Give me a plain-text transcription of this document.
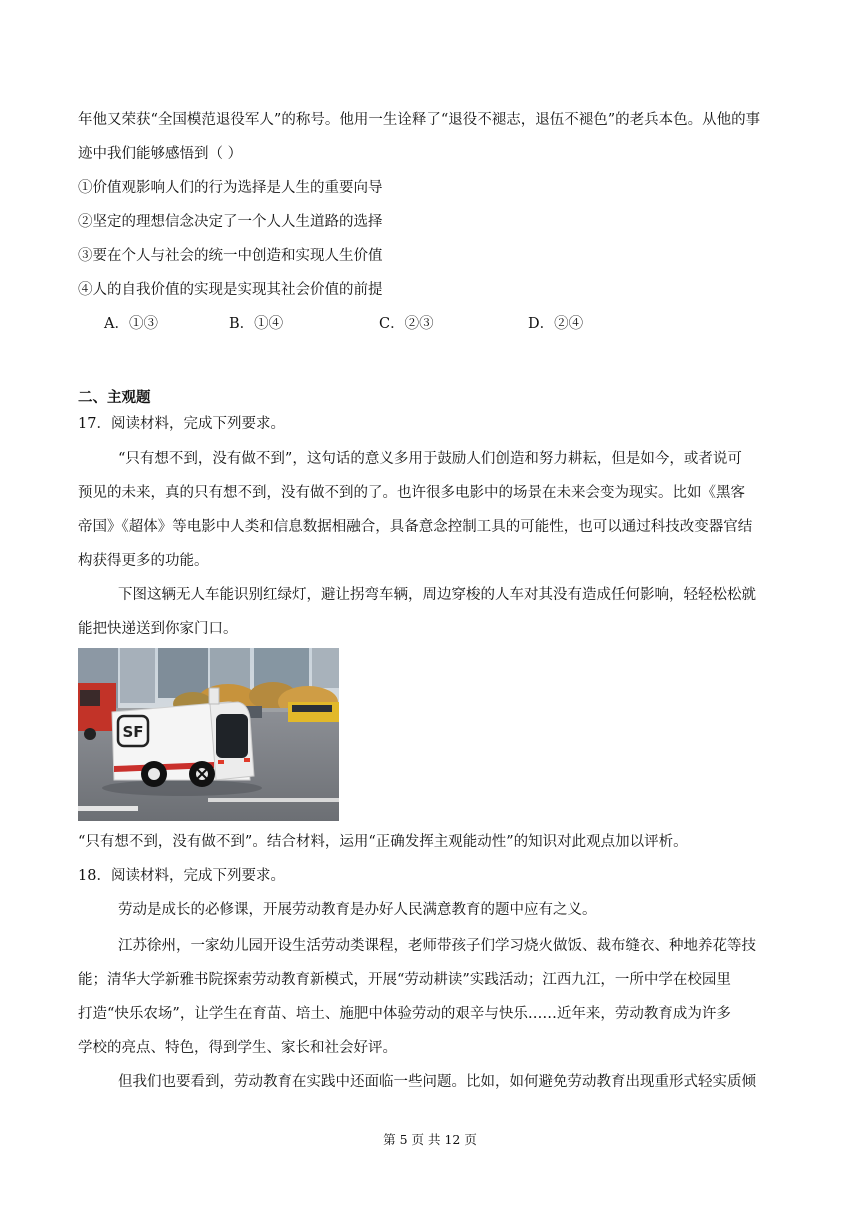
年他又荣获“全国模范退役军人”的称号。他用一生诠释了“退役不褪志，退伍不褪色”的老兵本色。从他的事
迹中我们能够感悟到（ ）
①价值观影响人们的行为选择是人生的重要向导
②坚定的理想信念决定了一个人人生道路的选择
③要在个人与社会的统一中创造和实现人生价值
④人的自我价值的实现是实现其社会价值的前提
A．①③	B．①④	C．②③	D．②④
二、主观题
17．阅读材料，完成下列要求。
“只有想不到，没有做不到”，这句话的意义多用于鼓励人们创造和努力耕耘，但是如今，或者说可
预见的未来，真的只有想不到，没有做不到的了。也许很多电影中的场景在未来会变为现实。比如《黑客
帝国》《超体》等电影中人类和信息数据相融合，具备意念控制工具的可能性，也可以通过科技改变器官结
构获得更多的功能。
下图这辆无人车能识别红绿灯，避让拐弯车辆，周边穿梭的人车对其没有造成任何影响，轻轻松松就
能把快递送到你家门口。
SF
“只有想不到，没有做不到”。结合材料，运用“正确发挥主观能动性”的知识对此观点加以评析。
18．阅读材料，完成下列要求。
劳动是成长的必修课，开展劳动教育是办好人民满意教育的题中应有之义。
江苏徐州，一家幼儿园开设生活劳动类课程，老师带孩子们学习烧火做饭、裁布缝衣、种地养花等技
能；清华大学新雅书院探索劳动教育新模式，开展“劳动耕读”实践活动；江西九江，一所中学在校园里
打造“快乐农场”，让学生在育苗、培土、施肥中体验劳动的艰辛与快乐……近年来，劳动教育成为许多
学校的亮点、特色，得到学生、家长和社会好评。
但我们也要看到，劳动教育在实践中还面临一些问题。比如，如何避免劳动教育出现重形式轻实质倾
第 5 页 共 12 页
